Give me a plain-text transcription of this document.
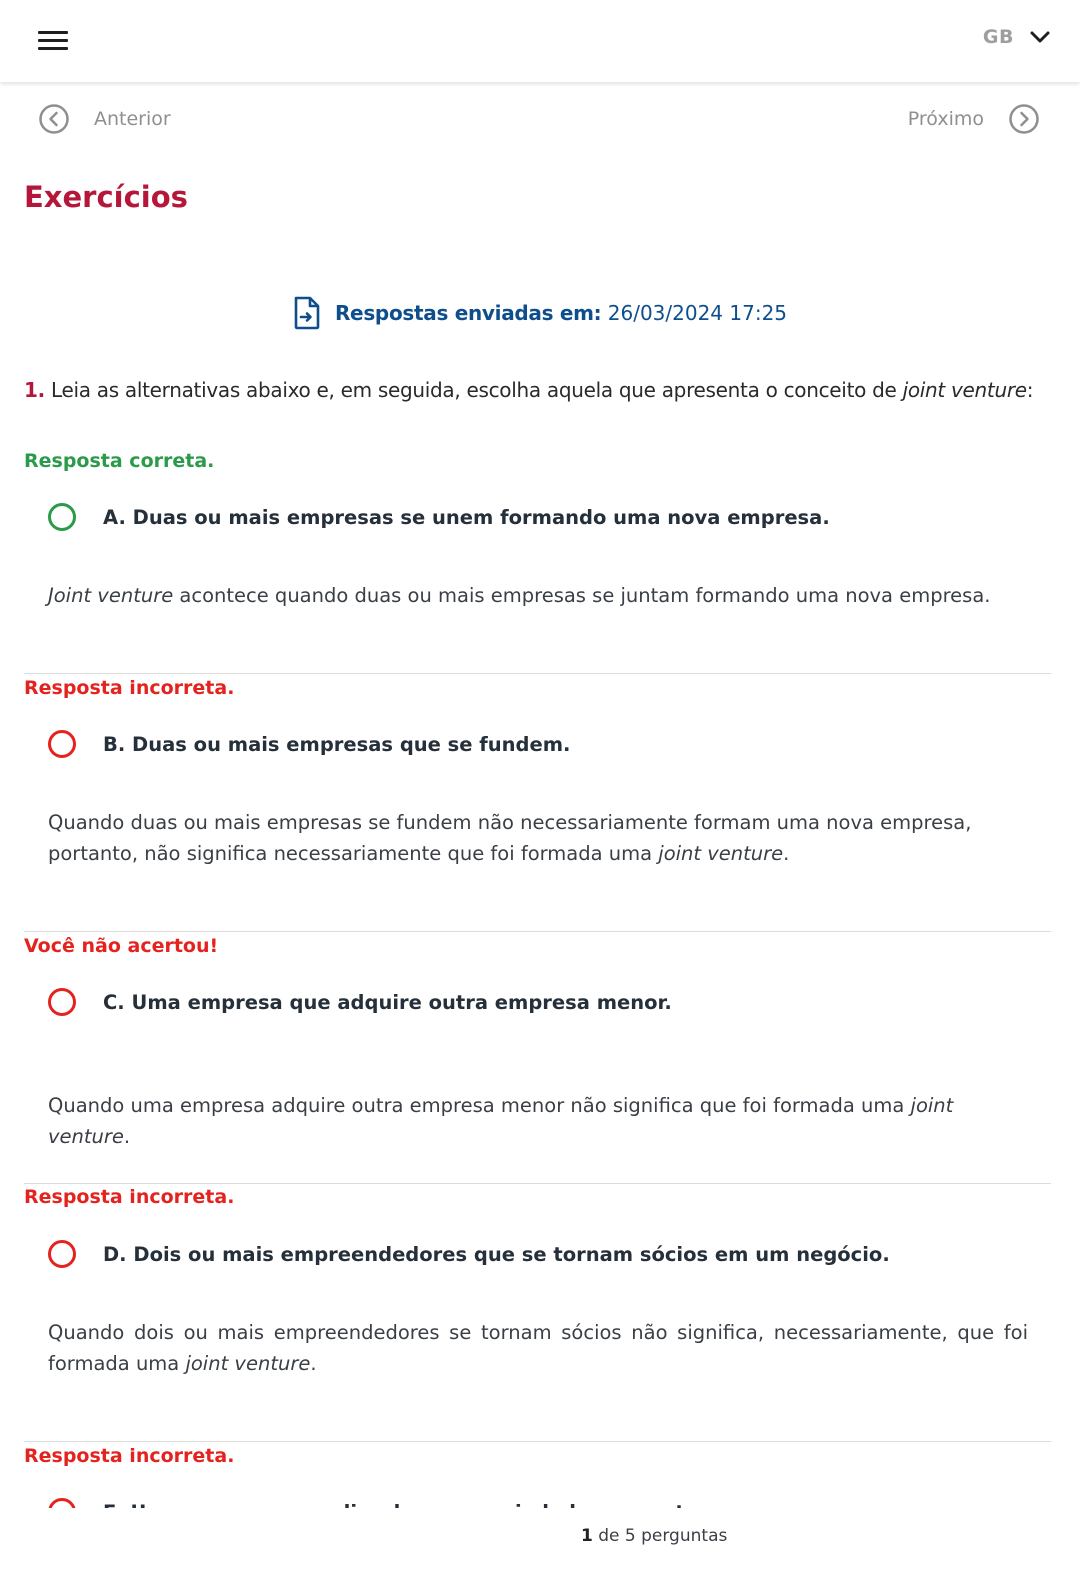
GB
Anterior	Próximo
Exercícios
Respostas enviadas em: 26/03/2024 17:25
1. Leia as alternativas abaixo e, em seguida, escolha aquela que apresenta o conceito de joint venture:
Resposta correta.
A. Duas ou mais empresas se unem formando uma nova empresa.

Joint venture acontece quando duas ou mais empresas se juntam formando uma nova empresa.

Resposta incorreta.
B. Duas ou mais empresas que se fundem.

Quando duas ou mais empresas se fundem não necessariamente formam uma nova empresa, portanto, não significa necessariamente que foi formada uma joint venture.

Você não acertou!
C. Uma empresa que adquire outra empresa menor.

Quando uma empresa adquire outra empresa menor não significa que foi formada uma joint venture.

Resposta incorreta.
D. Dois ou mais empreendedores que se tornam sócios em um negócio.

Quando dois ou mais empreendedores se tornam sócios não significa, necessariamente, que foi formada uma joint venture.

Resposta incorreta.
1 de 5 perguntas
